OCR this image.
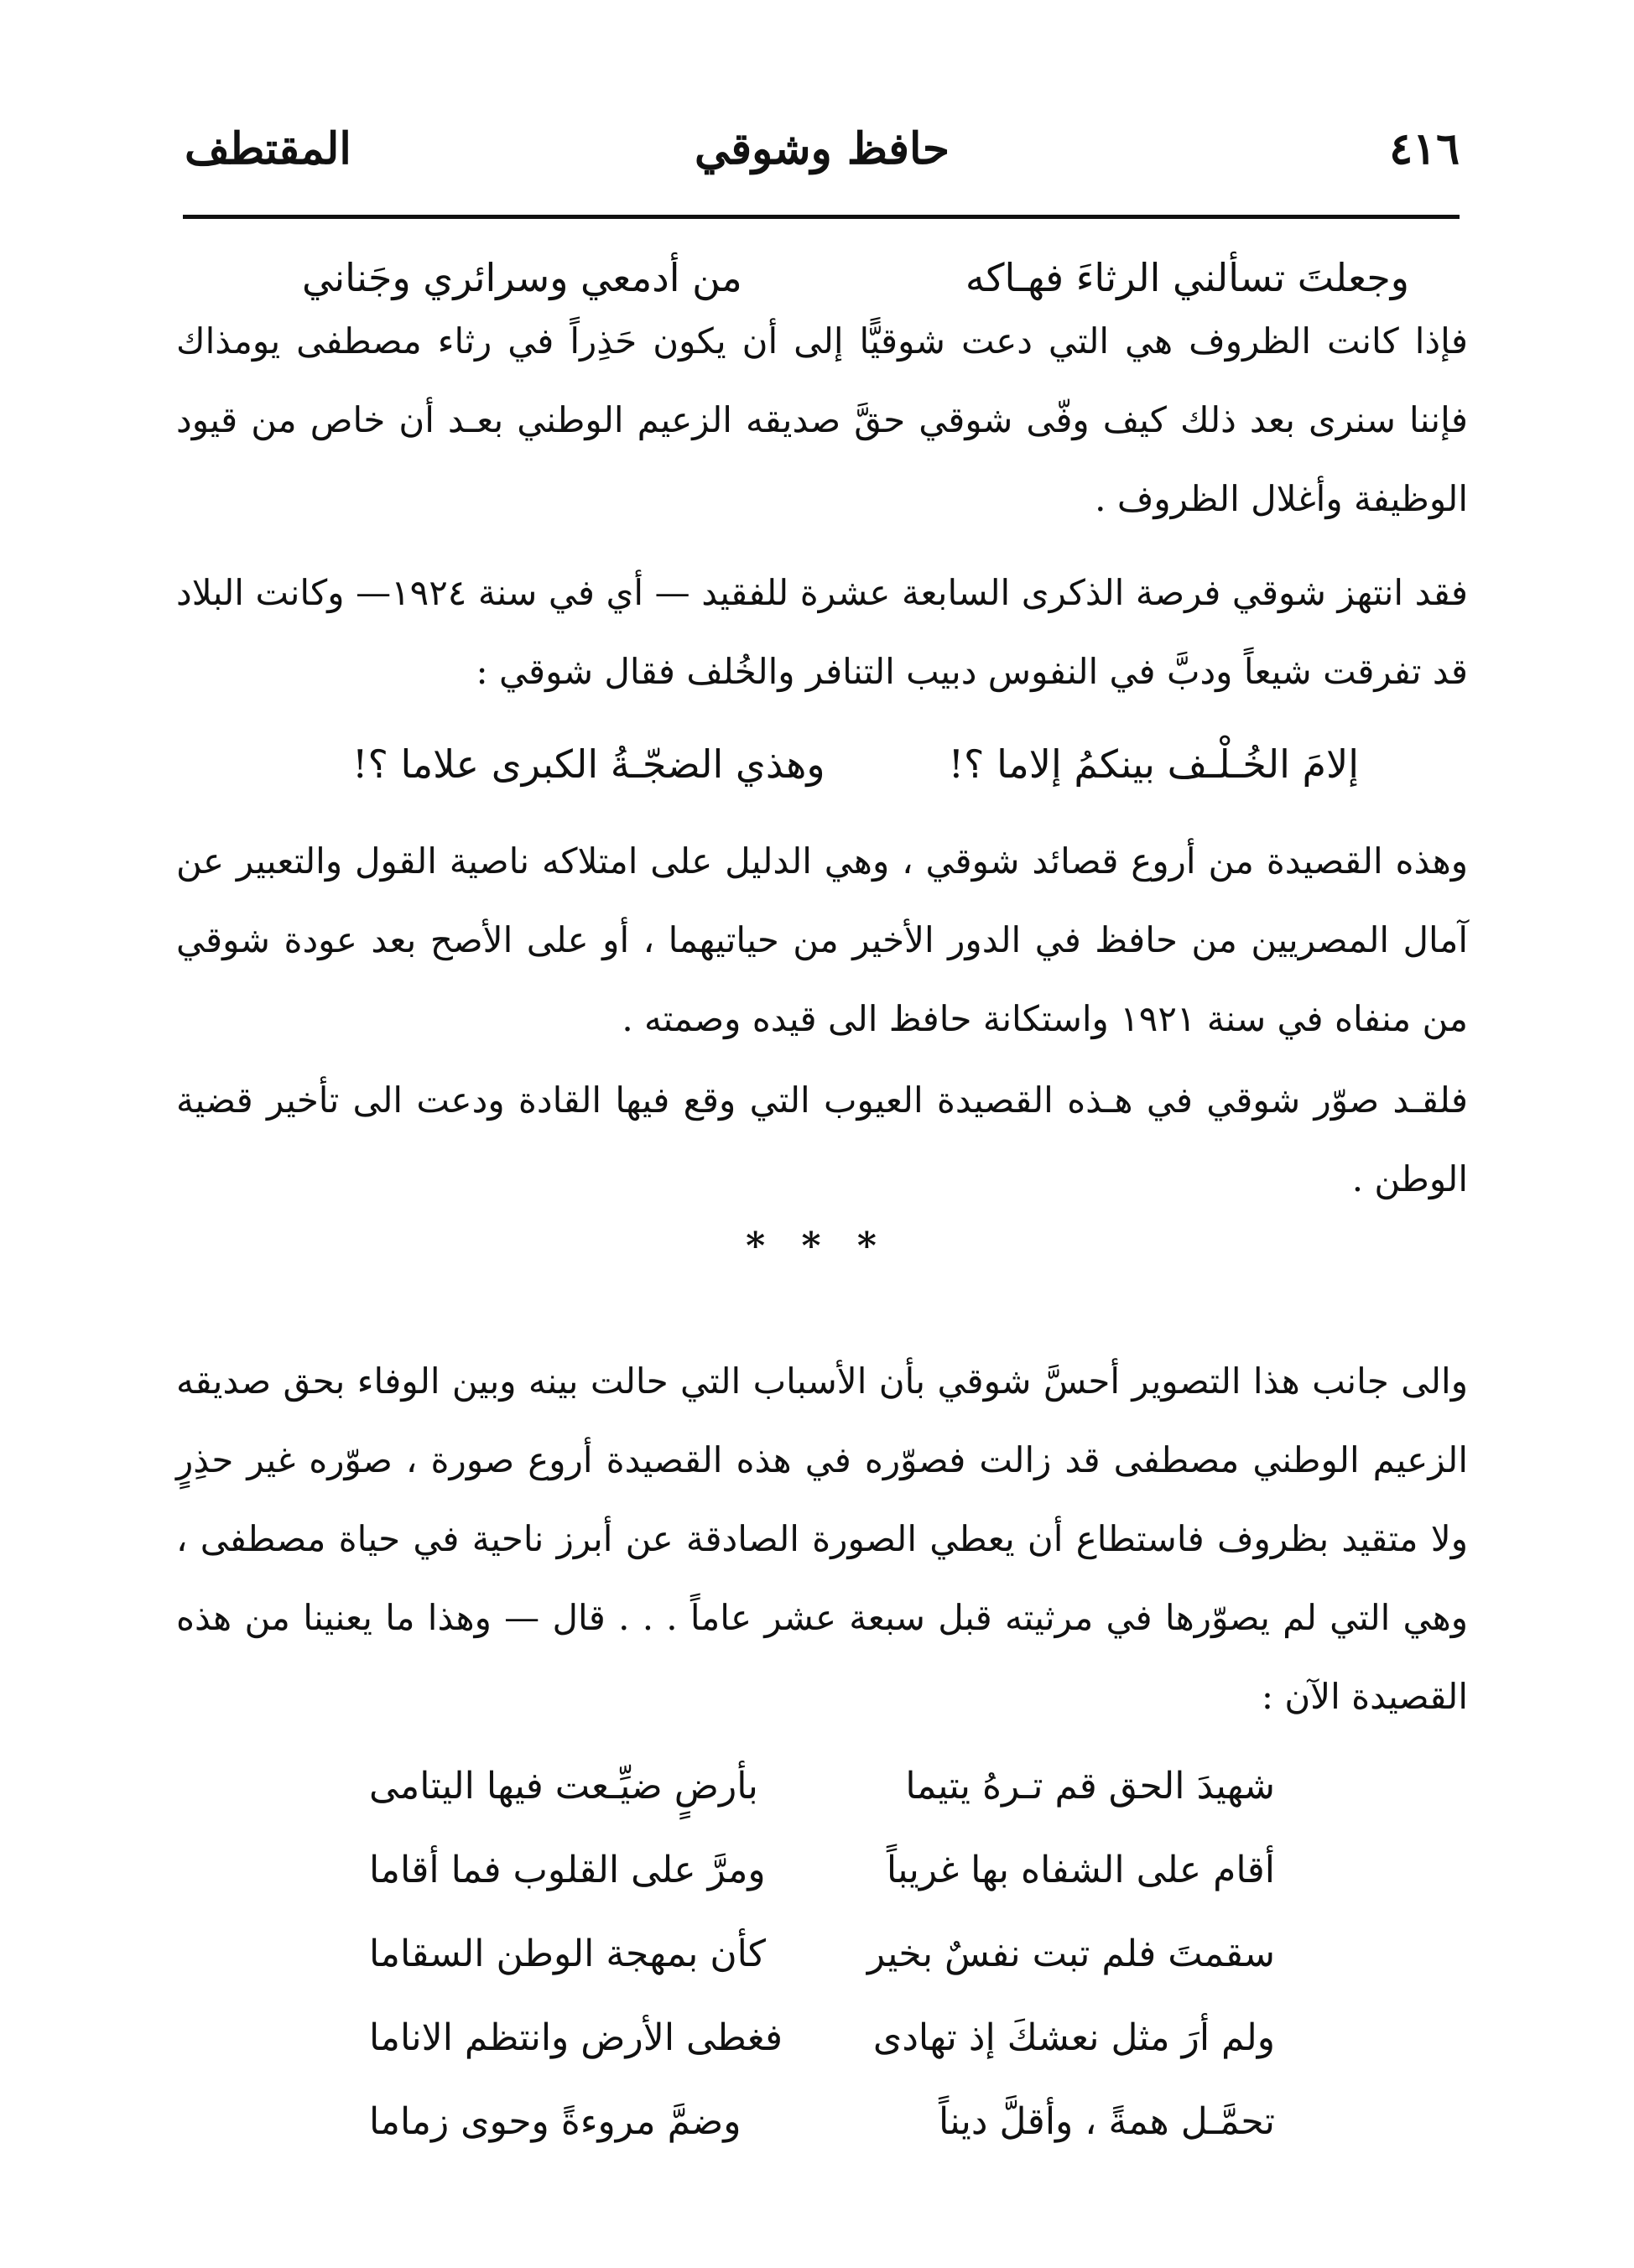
٤١٦
حافظ وشوقي
المقتطف
وجعلتَ تسألني الرثاءَ فهـاكه
من أدمعي وسرائري وجَناني

فإذا كانت الظروف هي التي دعت شوقيًّا إلى أن يكون حَذِراً في رثاء مصطفى يومذاك فإننا سنرى بعد ذلك كيف وفّى شوقي حقَّ صديقه الزعيم الوطني بعـد أن خاص من قيود الوظيفة وأغلال الظروف .

فقد انتهز شوقي فرصة الذكرى السابعة عشرة للفقيد — أي في سنة ١٩٢٤— وكانت البلاد قد تفرقت شيعاً ودبَّ في النفوس دبيب التنافر والخُلف فقال شوقي :

إلامَ الخُـلْـف بينكمُ إلاما ؟!
وهذي الضجّـةُ الكبرى علاما ؟!

وهذه القصيدة من أروع قصائد شوقي ، وهي الدليل على امتلاكه ناصية القول والتعبير عن آمال المصريين من حافظ في الدور الأخير من حياتيهما ، أو على الأصح بعد عودة شوقي من منفاه في سنة ١٩٢١ واستكانة حافظ الى قيده وصمته .

فلقـد صوّر شوقي في هـذه القصيدة العيوب التي وقع فيها القادة ودعت الى تأخير قضية الوطن .

* * *

والى جانب هذا التصوير أحسَّ شوقي بأن الأسباب التي حالت بينه وبين الوفاء بحق صديقه الزعيم الوطني مصطفى قد زالت فصوّره في هذه القصيدة أروع صورة ، صوّره غير حذِرٍ ولا متقيد بظروف فاستطاع أن يعطي الصورة الصادقة عن أبرز ناحية في حياة مصطفى ، وهي التي لم يصوّرها في مرثيته قبل سبعة عشر عاماً . . . قال — وهذا ما يعنينا من هذه القصيدة الآن :

شهيدَ الحق قم تـرهُ يتيما
بأرضٍ ضيِّـعت فيها اليتامى
أقام على الشفاه بها غريباً
ومرَّ على القلوب فما أقاما
سقمتَ فلم تبت نفسٌ بخير
كأن بمهجة الوطن السقاما
ولم أرَ مثل نعشكَ إذ تهادى
فغطى الأرض وانتظم الاناما
تحمَّـل همةً ، وأقلَّ ديناً
وضمَّ مروءةً وحوى زماما
